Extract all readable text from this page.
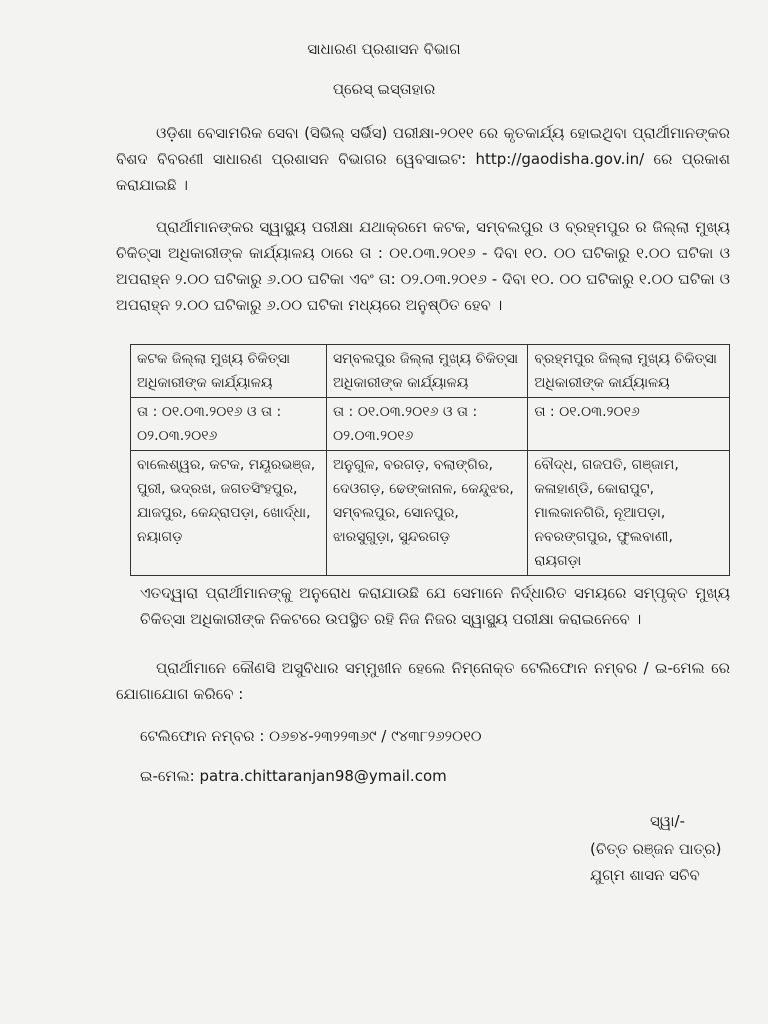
ସାଧାରଣ ପ୍ରଶାସନ ବିଭାଗ
ପ୍ରେସ୍ ଇସ୍ତାହାର
ଓଡ଼ିଶା ବେସାମରିକ ସେବା (ସିଭିଲ୍ ସର୍ଭିସ) ପରୀକ୍ଷା-୨୦୧୧ ରେ କୃତକାର୍ଯ୍ୟ ହୋଇଥିବା ପ୍ରାର୍ଥୀମାନଙ୍କର ବିଶଦ ବିବରଣୀ ସାଧାରଣ ପ୍ରଶାସନ ବିଭାଗର ୱେବସାଇଟ: http://gaodisha.gov.in/ ରେ ପ୍ରକାଶ କରାଯାଇଛି ।
ପ୍ରାର୍ଥୀମାନଙ୍କର ସ୍ୱାସ୍ଥ୍ୟ ପରୀକ୍ଷା ଯଥାକ୍ରମେ କଟକ, ସମ୍ବଲପୁର ଓ ବ୍ରହ୍ମପୁର ର ଜିଲ୍ଲା ମୁଖ୍ୟ ଚିକିତ୍ସା ଅଧିକାରୀଙ୍କ କାର୍ଯ୍ୟାଳୟ ଠାରେ ତା : ୦୧.୦୩.୨୦୧୬ - ଦିବା ୧୦. ୦୦ ଘଟିକାରୁ ୧.୦୦ ଘଟିକା ଓ ଅପରାହ୍ନ ୨.୦୦ ଘଟିକାରୁ ୬.୦୦ ଘଟିକା ଏବଂ ତା: ୦୨.୦୩.୨୦୧୬ - ଦିବା ୧୦. ୦୦ ଘଟିକାରୁ ୧.୦୦ ଘଟିକା ଓ ଅପରାହ୍ନ ୨.୦୦ ଘଟିକାରୁ ୬.୦୦ ଘଟିକା ମଧ୍ୟରେ ଅନୁଷ୍ଠିତ ହେବ ।
କଟକ ଜିଲ୍ଲା ମୁଖ୍ୟ ଚିକିତ୍ସା ଅଧିକାରୀଙ୍କ କାର୍ଯ୍ୟାଳୟ	ସମ୍ବଲପୁର ଜିଲ୍ଲା ମୁଖ୍ୟ ଚିକିତ୍ସା ଅଧିକାରୀଙ୍କ କାର୍ଯ୍ୟାଳୟ	ବ୍ରହ୍ମପୁର ଜିଲ୍ଲା ମୁଖ୍ୟ ଚିକିତ୍ସା ଅଧିକାରୀଙ୍କ କାର୍ଯ୍ୟାଳୟ
ତା : ୦୧.୦୩.୨୦୧୬ ଓ ତା : ୦୨.୦୩.୨୦୧୬	ତା : ୦୧.୦୩.୨୦୧୬ ଓ ତା : ୦୨.୦୩.୨୦୧୬	ତା : ୦୧.୦୩.୨୦୧୬
ବାଲେଶ୍ୱର, କଟକ, ମୟୂରଭଞ୍ଜ, ପୁରୀ, ଭଦ୍ରଖ, ଜଗତସିଂହପୁର, ଯାଜପୁର, କେନ୍ଦ୍ରାପଡ଼ା, ଖୋର୍ଦ୍ଧା, ନୟାଗଡ଼	ଅନୁଗୁଳ, ବରଗଡ଼, ବଲାଙ୍ଗିର, ଦେଓଗଡ଼, ଢେଙ୍କାନାଳ, କେନ୍ଦୁଝର, ସମ୍ବଲପୁର, ସୋନପୁର, ଝାରସୁଗୁଡ଼ା, ସୁନ୍ଦରଗଡ଼	ବୌଦ୍ଧ, ଗଜପତି, ଗଞ୍ଜାମ, କଳାହାଣ୍ଡି, କୋରାପୁଟ, ମାଲକାନଗିରି, ନୂଆପଡ଼ା, ନବରଙ୍ଗପୁର, ଫୁଲବାଣୀ, ରାୟଗଡ଼ା
ଏତଦ୍ୱାରା ପ୍ରାର୍ଥୀମାନଙ୍କୁ ଅନୁରୋଧ କରାଯାଉଛି ଯେ ସେମାନେ ନିର୍ଦ୍ଧାରିତ ସମୟରେ ସମ୍ପୃକ୍ତ ମୁଖ୍ୟ ଚିକିତ୍ସା ଅଧିକାରୀଙ୍କ ନିକଟରେ ଉପସ୍ଥିତ ରହି ନିଜ ନିଜର ସ୍ୱାସ୍ଥ୍ୟ ପରୀକ୍ଷା କରାଇନେବେ ।
ପ୍ରାର୍ଥୀମାନେ କୌଣସି ଅସୁବିଧାର ସମ୍ମୁଖୀନ ହେଲେ ନିମ୍ନୋକ୍ତ ଟେଲିଫୋନ ନମ୍ବର / ଇ-ମେଲ ରେ ଯୋଗାଯୋଗ କରିବେ :
ଟେଲିଫୋନ ନମ୍ବର : ୦୬୭୪-୨୩୨୨୩୬୯ / ୯୪୩୮୨୬୨୦୧୦
ଇ-ମେଲ: patra.chittaranjan98@ymail.com
ସ୍ୱା/-
(ଚିତ୍ତ ରଞ୍ଜନ ପାତ୍ର)
ଯୁଗ୍ମ ଶାସନ ସଚିବ
